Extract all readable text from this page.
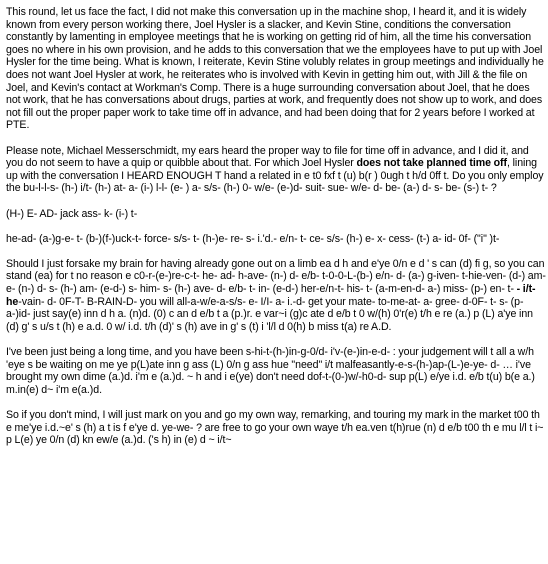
This round, let us face the fact, I did not make this conversation up in the machine shop, I heard it, and it is widely known from every person working there, Joel Hysler is a slacker, and Kevin Stine, conditions the conversation constantly by lamenting in employee meetings that he is working on getting rid of him, all the time his conversation goes no where in his own provision, and he adds to this conversation that we the employees have to put up with Joel Hysler for the time being. What is known, I reiterate, Kevin Stine volubly relates in group meetings and individually he does not want Joel Hysler at work, he reiterates who is involved with Kevin in getting him out, with Jill & the file on Joel, and Kevin's contact at Workman's Comp. There is a huge surrounding conversation about Joel, that he does not work, that he has conversations about drugs, parties at work, and frequently does not show up to work, and does not fill out the proper paper work to take time off in advance, and had been doing that for 2 years before I worked at PTE.

Please note, Michael Messerschmidt, my ears heard the proper way to file for time off in advance, and I did it, and you do not seem to have a quip or quibble about that. For which Joel Hysler does not take planned time off, lining up with the conversation I HEARD ENOUGH T hand a related in e t0 fxf t (u) b(r ) 0ugh t h/d 0ff t. Do you only employ the bu-l-l-s- (h-) i/t- (h-) at- a- (i-) l-l- (e- ) a- s/s- (h-) 0- w/e- (e-)d- suit- sue- w/e- d- be- (a-) d- s- be- (s-) t- ?

(H-) E- AD- jack ass- k- (i-) t-

he-ad- (a-)g-e- t- (b-)(f-)uck-t- force- s/s- t- (h-)e- re- s- i.'d.- e/n- t- ce- s/s- (h-) e- x- cess- (t-) a- id- 0f- ("i" )t-

Should I just forsake my brain for having already gone out on a limb ea d h and e'ye 0/n e d ' s can (d) fi g, so you can stand (ea) for t no reason e c0-r-(e-)re-c-t- he- ad- h-ave- (n-) d- e/b- t-0-0-L-(b-) e/n- d- (a-) g-iven- t-hie-ven- (d-) am- e- (n-) d- s- (h-) am- (e-d-) s- him- s- (h-) ave- d- e/b- t- in- (e-d-) her-e/n-t- his- t- (a-m-en-d- a-) miss- (p-) en- t- - i/t- he-vain- d- 0F-T- B-RAIN-D- you will all-a-w/e-a-s/s- e- I/I- a- i.-d- get your mate- to-me-at- a- gree- d-0F- t- s- (p-a-)id- just say(e) inn d h a. (n)d. (0) c an d e/b t a (p.)r. e var~i (g)c ate d e/b t 0 w/(h) 0'r(e) t/h e re (a.) p (L) a'ye inn (d) g' s u/s t (h) e a.d. 0 w/ i.d. t/h (d)' s (h) ave in g' s (t) i 'l/l d 0(h) b miss t(a) re A.D.

I've been just being a long time, and you have been s-hi-t-(h-)in-g-0/d- i'v-(e-)in-e-d- : your judgement will t all a w/h 'eye s be waiting on me ye p(L)ate inn g ass (L) 0/n g ass hue "need" i/t malfeasantly-e-s-(h-)ap-(L-)e-ye- d- … i've brought my own dime (a.)d. i'm e (a.)d. ~ h and i e(ye) don't need dof-t-(0-)w/-h0-d- sup p(L) e/ye i.d. e/b t(u) b(e a.) m.in(e) d~ i'm e(a.)d.

So if you don't mind, I will just mark on you and go my own way, remarking, and touring my mark in the market t00 th e me'ye i.d.~e' s (h) a t is f e'ye d. ye-we- ? are free to go your own waye t/h ea.ven t(h)rue (n) d e/b t00 th e mu l/l t i~ p L(e) ye 0/n (d) kn ew/e (a.)d. ('s h) in (e) d ~ i/t~
